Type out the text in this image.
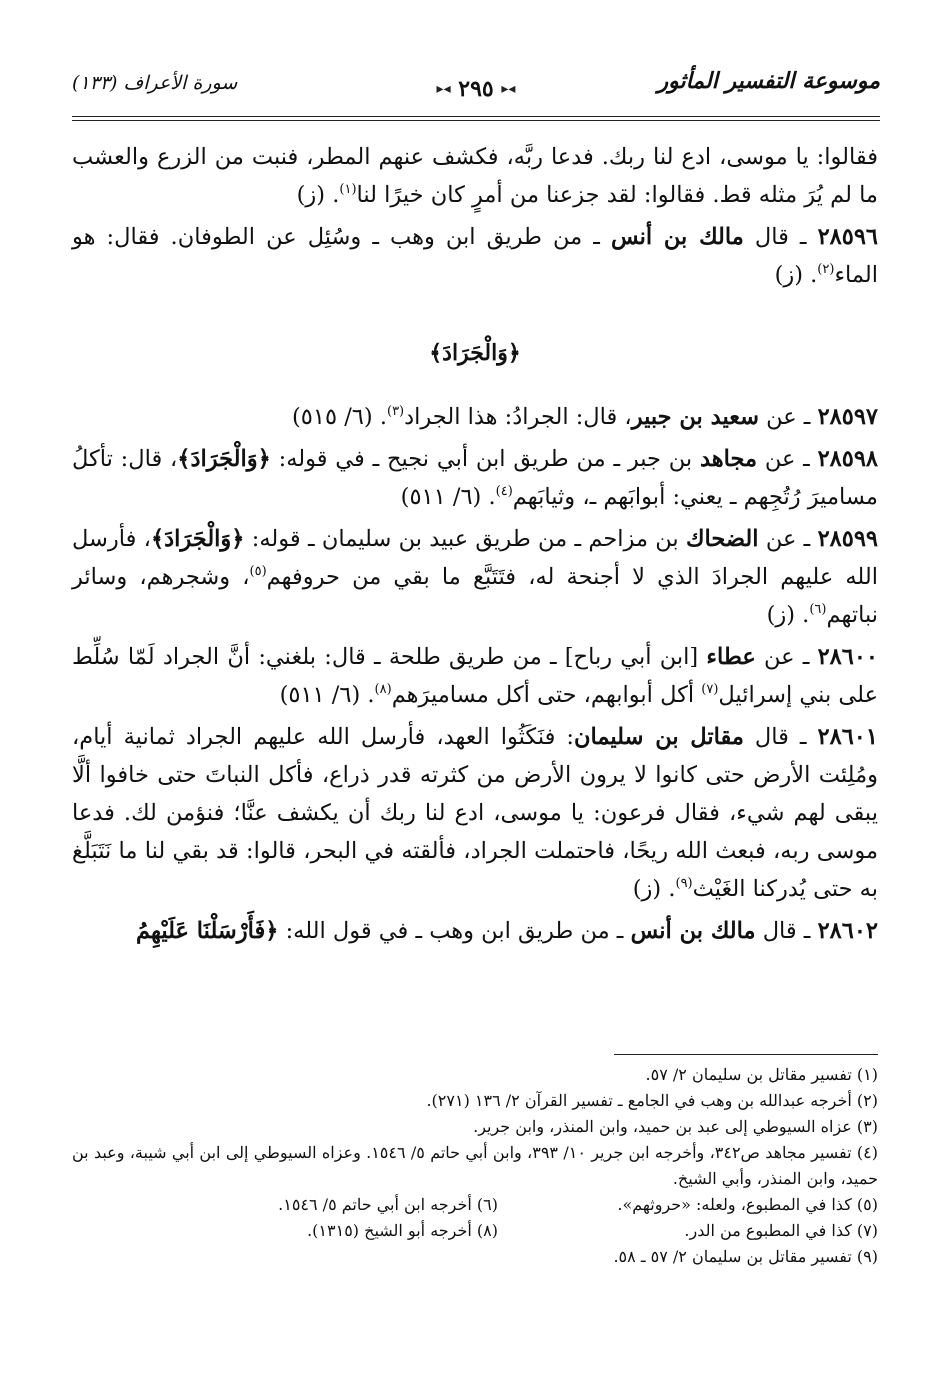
موسوعة التفسير المأثور
◂▸ ٢٩٥ ◂▸
سورة الأعراف (١٣٣)

فقالوا: يا موسى، ادع لنا ربك. فدعا ربَّه، فكشف عنهم المطر، فنبت من الزرع والعشب ما لم يُرَ مثله قط. فقالوا: لقد جزعنا من أمرٍ كان خيرًا لنا$^{(١)}$. (ز)

٢٨٥٩٦ ـ قال مالك بن أنس ـ من طريق ابن وهب ـ وسُئِل عن الطوفان. فقال: هو الماء$^{(٢)}$. (ز)

﴿وَالْجَرَادَ﴾

٢٨٥٩٧ ـ عن سعيد بن جبير، قال: الجرادُ: هذا الجراد$^{(٣)}$. (٦/ ٥١٥)

٢٨٥٩٨ ـ عن مجاهد بن جبر ـ من طريق ابن أبي نجيح ـ في قوله: ﴿وَالْجَرَادَ﴾، قال: تأكلُ مساميرَ رُتُجِهم ـ يعني: أبوابَهم ـ، وثيابَهم$^{(٤)}$. (٦/ ٥١١)

٢٨٥٩٩ ـ عن الضحاك بن مزاحم ـ من طريق عبيد بن سليمان ـ قوله: ﴿وَالْجَرَادَ﴾، فأرسل الله عليهم الجرادَ الذي لا أجنحة له، فتَتَبَّع ما بقي من حروفهم$^{(٥)}$، وشجرهم، وسائر نباتهم$^{(٦)}$. (ز)

٢٨٦٠٠ ـ عن عطاء [ابن أبي رباح] ـ من طريق طلحة ـ قال: بلغني: أنَّ الجراد لَمّا سُلِّط على بني إسرائيل$^{(٧)}$ أكل أبوابهم، حتى أكل مساميرَهم$^{(٨)}$. (٦/ ٥١١)

٢٨٦٠١ ـ قال مقاتل بن سليمان: فنَكَثُوا العهد، فأرسل الله عليهم الجراد ثمانية أيام، ومُلِئت الأرض حتى كانوا لا يرون الأرض من كثرته قدر ذراع، فأكل النباتَ حتى خافوا ألَّا يبقى لهم شيء، فقال فرعون: يا موسى، ادع لنا ربك أن يكشف عنَّا؛ فنؤمن لك. فدعا موسى ربه، فبعث الله ريحًا، فاحتملت الجراد، فألقته في البحر، قالوا: قد بقي لنا ما نَتَبَلَّغ به حتى يُدركنا الغَيْث$^{(٩)}$. (ز)

٢٨٦٠٢ ـ قال مالك بن أنس ـ من طريق ابن وهب ـ في قول الله: ﴿فَأَرْسَلْنَا عَلَيْهِمُ

(١) تفسير مقاتل بن سليمان ٢/ ٥٧.

(٢) أخرجه عبدالله بن وهب في الجامع ـ تفسير القرآن ٢/ ١٣٦ (٢٧١).

(٣) عزاه السيوطي إلى عبد بن حميد، وابن المنذر، وابن جرير.

(٤) تفسير مجاهد ص٣٤٢، وأخرجه ابن جرير ١٠/ ٣٩٣، وابن أبي حاتم ٥/ ١٥٤٦. وعزاه السيوطي إلى ابن أبي شيبة، وعبد بن حميد، وابن المنذر، وأبي الشيخ.

(٥) كذا في المطبوع، ولعله: «حروثهم».

(٦) أخرجه ابن أبي حاتم ٥/ ١٥٤٦.

(٧) كذا في المطبوع من الدر.

(٨) أخرجه أبو الشيخ (١٣١٥).

(٩) تفسير مقاتل بن سليمان ٢/ ٥٧ ـ ٥٨.
